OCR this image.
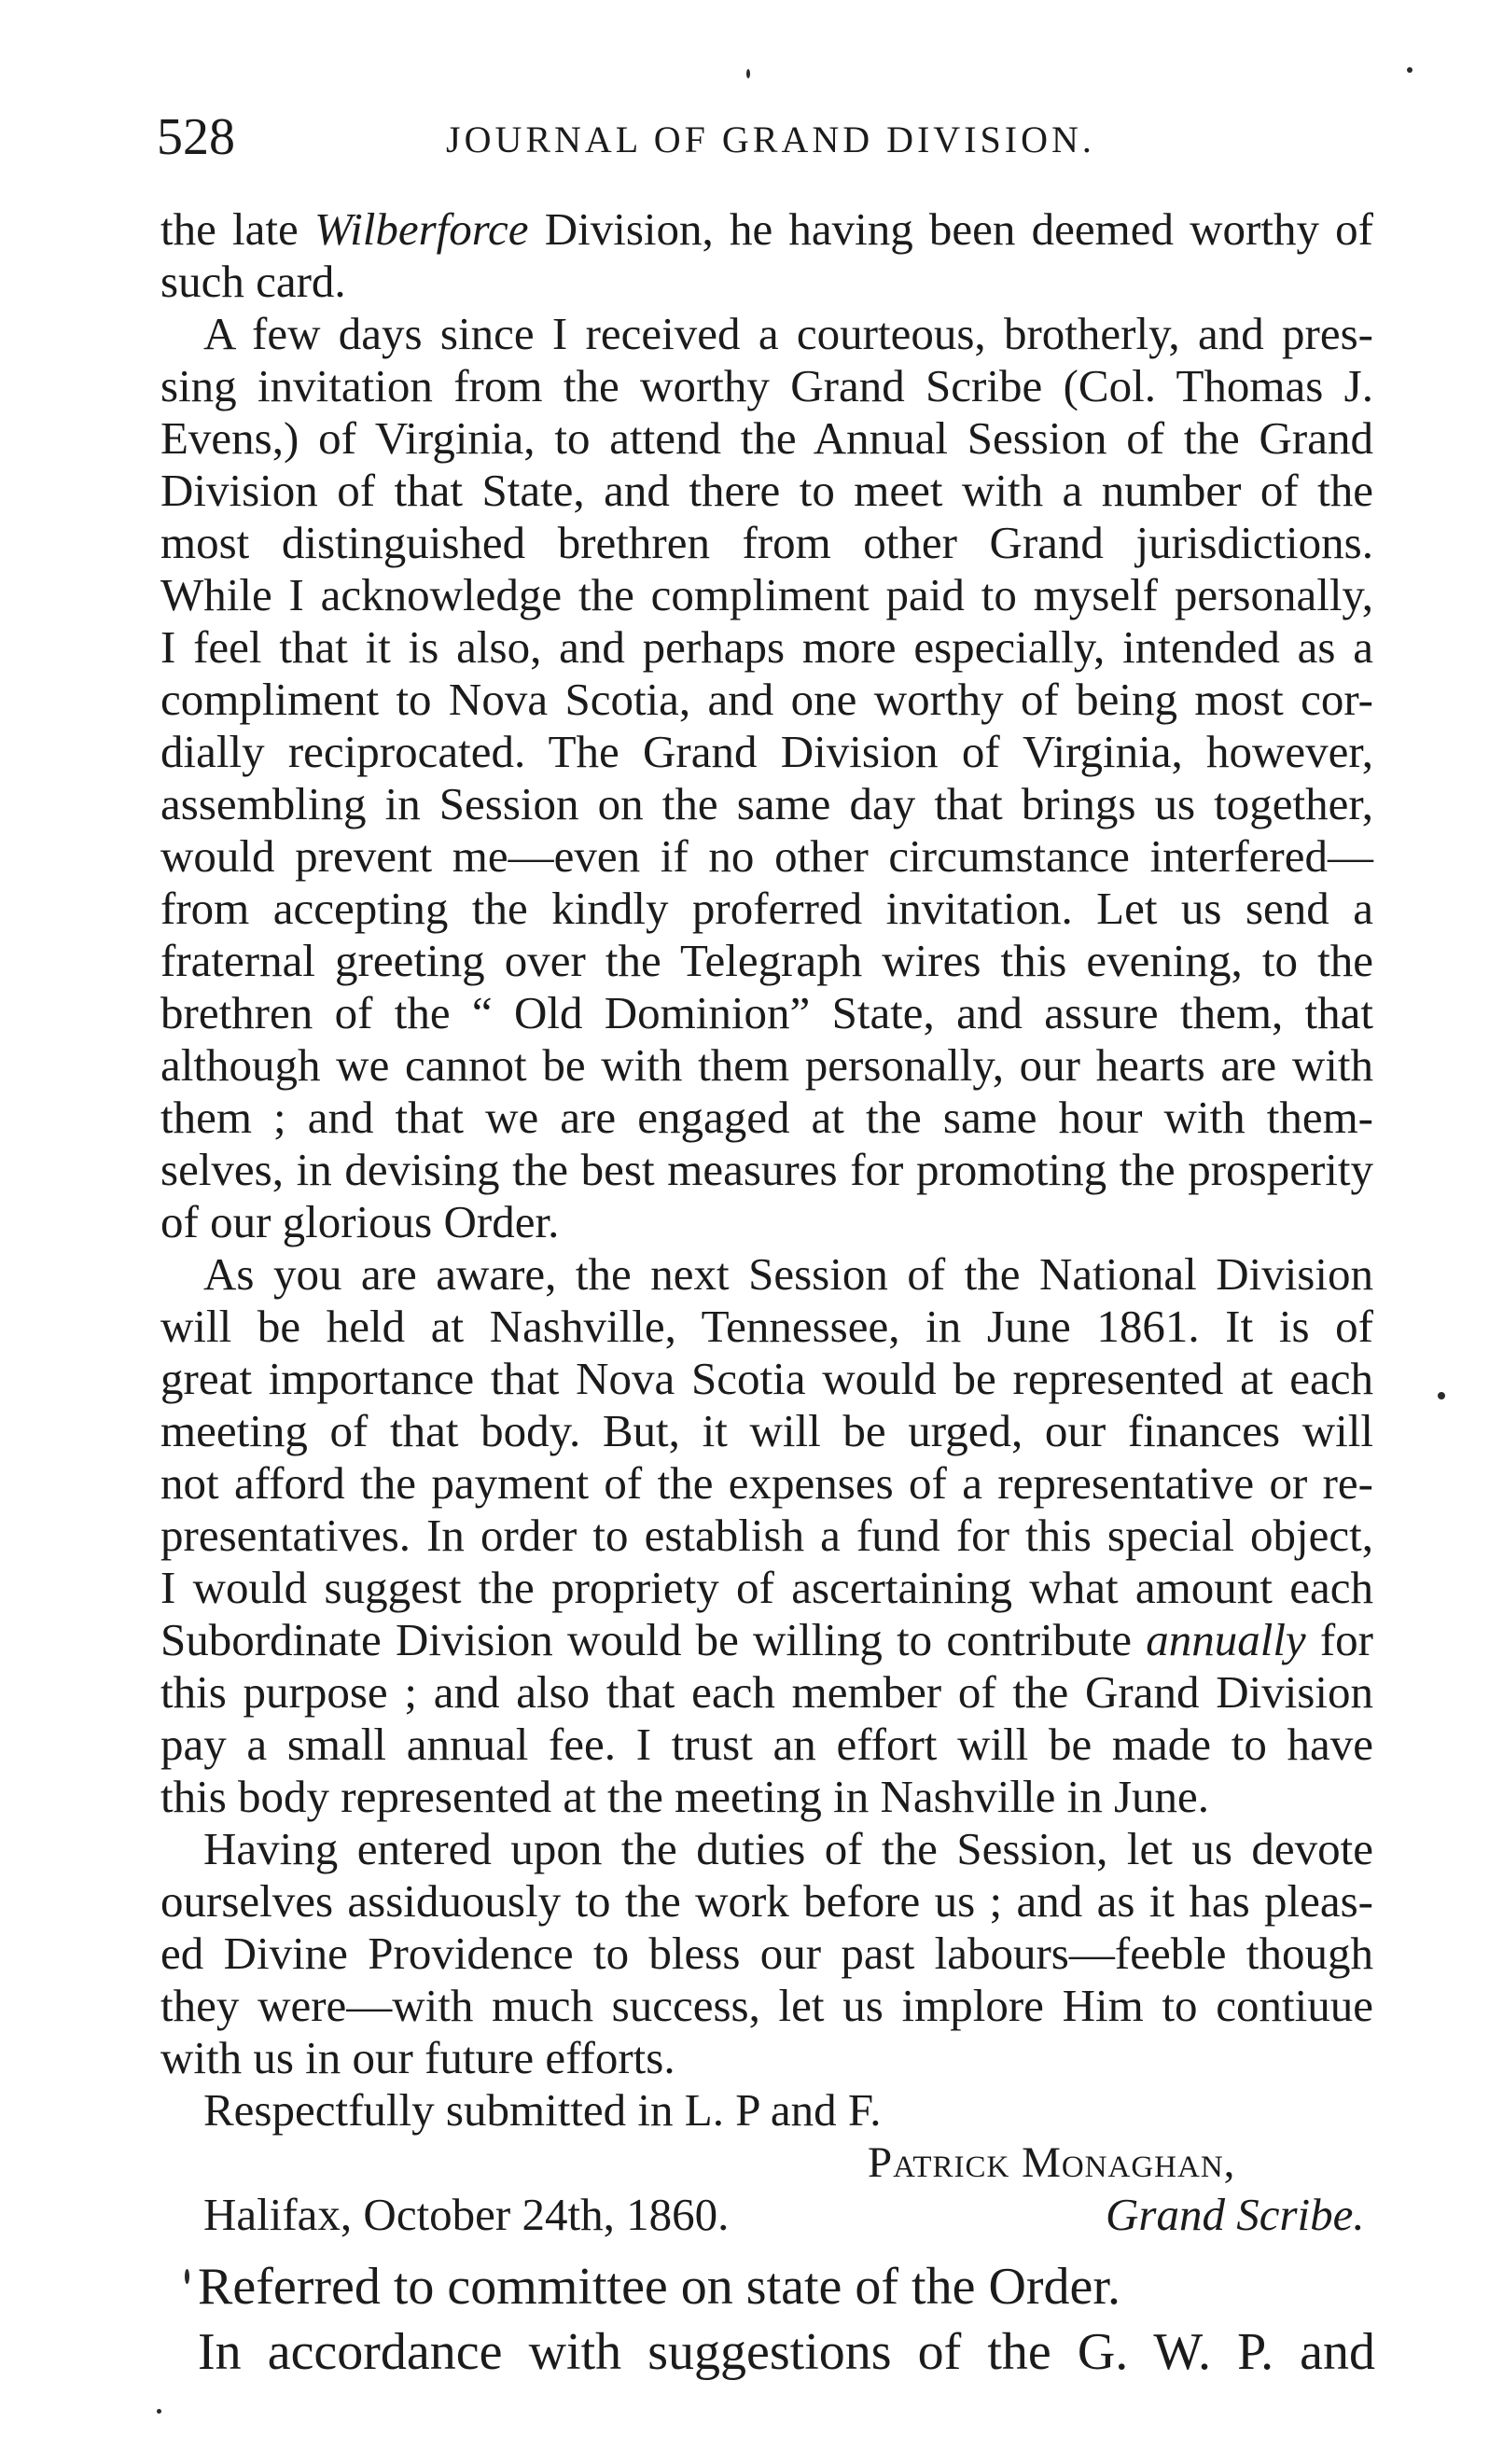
528	JOURNAL OF GRAND DIVISION.
the late Wilberforce Division, he having been deemed worthy of
such card.
A few days since I received a courteous, brotherly, and pres-
sing invitation from the worthy Grand Scribe (Col. Thomas J.
Evens,) of Virginia, to attend the Annual Session of the Grand
Division of that State, and there to meet with a number of the
most distinguished brethren from other Grand jurisdictions.
While I acknowledge the compliment paid to myself personally,
I feel that it is also, and perhaps more especially, intended as a
compliment to Nova Scotia, and one worthy of being most cor-
dially reciprocated. The Grand Division of Virginia, however,
assembling in Session on the same day that brings us together,
would prevent me—even if no other circumstance interfered—
from accepting the kindly proferred invitation. Let us send a
fraternal greeting over the Telegraph wires this evening, to the
brethren of the “ Old Dominion” State, and assure them, that
although we cannot be with them personally, our hearts are with
them ; and that we are engaged at the same hour with them-
selves, in devising the best measures for promoting the prosperity
of our glorious Order.
As you are aware, the next Session of the National Division
will be held at Nashville, Tennessee, in June 1861. It is of
great importance that Nova Scotia would be represented at each
meeting of that body. But, it will be urged, our finances will
not afford the payment of the expenses of a representative or re-
presentatives. In order to establish a fund for this special object,
I would suggest the propriety of ascertaining what amount each
Subordinate Division would be willing to contribute annually for
this purpose ; and also that each member of the Grand Division
pay a small annual fee. I trust an effort will be made to have
this body represented at the meeting in Nashville in June.
Having entered upon the duties of the Session, let us devote
ourselves assiduously to the work before us ; and as it has pleas-
ed Divine Providence to bless our past labours—feeble though
they were—with much success, let us implore Him to contiuue
with us in our future efforts.
Respectfully submitted in L. P and F.
Patrick Monaghan,
Halifax, October 24th, 1860.	Grand Scribe.
Referred to committee on state of the Order.
In accordance with suggestions of the G. W. P. and
